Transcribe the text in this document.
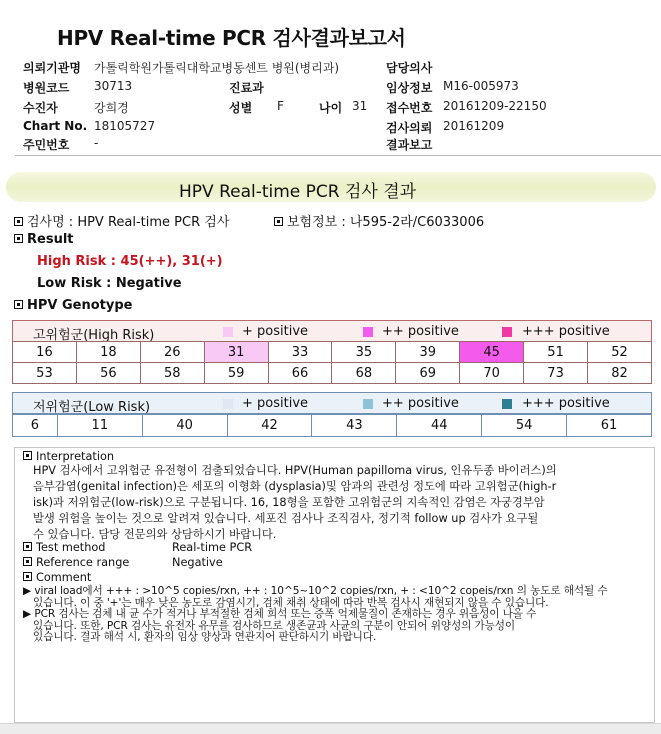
HPV Real-time PCR 검사결과보고서
의뢰기관명 가톨릭학원가톨릭대학교병동센트 병원(병리과)
병원코드 30713
수진자	강희경
Chart No. 18105727
주민번호 -
진료과
성별 F	나이 31
담당의사
임상정보 M16-005973
접수번호 20161209-22150
검사의뢰 20161209
결과보고
HPV Real-time PCR 검사 결과
검사명 : HPV Real-time PCR 검사	보험정보 : 나595-2라/C6033006
Result
High Risk : 45(++), 31(+)
Low Risk : Negative
HPV Genotype
고위험군(High Risk)	+ positive	++ positive	+++ positive
16	18	26	31	33	35	39	45	51	52
53	56	58	59	66	68	69	70	73	82
저위험군(Low Risk)	+ positive	++ positive	+++ positive
6	11	40	42	43	44	54	61
Interpretation
HPV 검사에서 고위험군 유전형이 검출되었습니다. HPV(Human papilloma virus, 인유두종 바이러스)의
음부감염(genital infection)은 세포의 이형화 (dysplasia)및 암과의 관련성 정도에 따라 고위험군(high-r
isk)과 저위험군(low-risk)으로 구분됩니다. 16, 18형을 포함한 고위험군의 지속적인 감염은 자궁경부암
발생 위험을 높이는 것으로 알려져 있습니다. 세포진 검사나 조직검사, 정기적 follow up 검사가 요구될
수 있습니다. 담당 전문의와 상담하시기 바랍니다.
Test method	Real-time PCR
Reference range	Negative
Comment
▶ viral load에서 +++ : >10^5 copies/rxn, ++ : 10^5~10^2 copies/rxn, + : <10^2 copeis/rxn 의 농도로 해석될 수
있습니다. 이 중 '+'는 매우 낮은 농도로 감염시기, 검체 채취 상태에 따라 반복 검사시 재현되지 않을 수 있습니다.
▶ PCR 검사는 검체 내 균 수가 적거나 부적절한 검체 희석 또는 증폭 억제물질이 존재하는 경우 위음성이 나올 수
있습니다. 또한, PCR 검사는 유전자 유무를 검사하므로 생존균과 사균의 구분이 안되어 위양성의 가능성이
있습니다. 결과 해석 시, 환자의 임상 양상과 연관지어 판단하시기 바랍니다.
